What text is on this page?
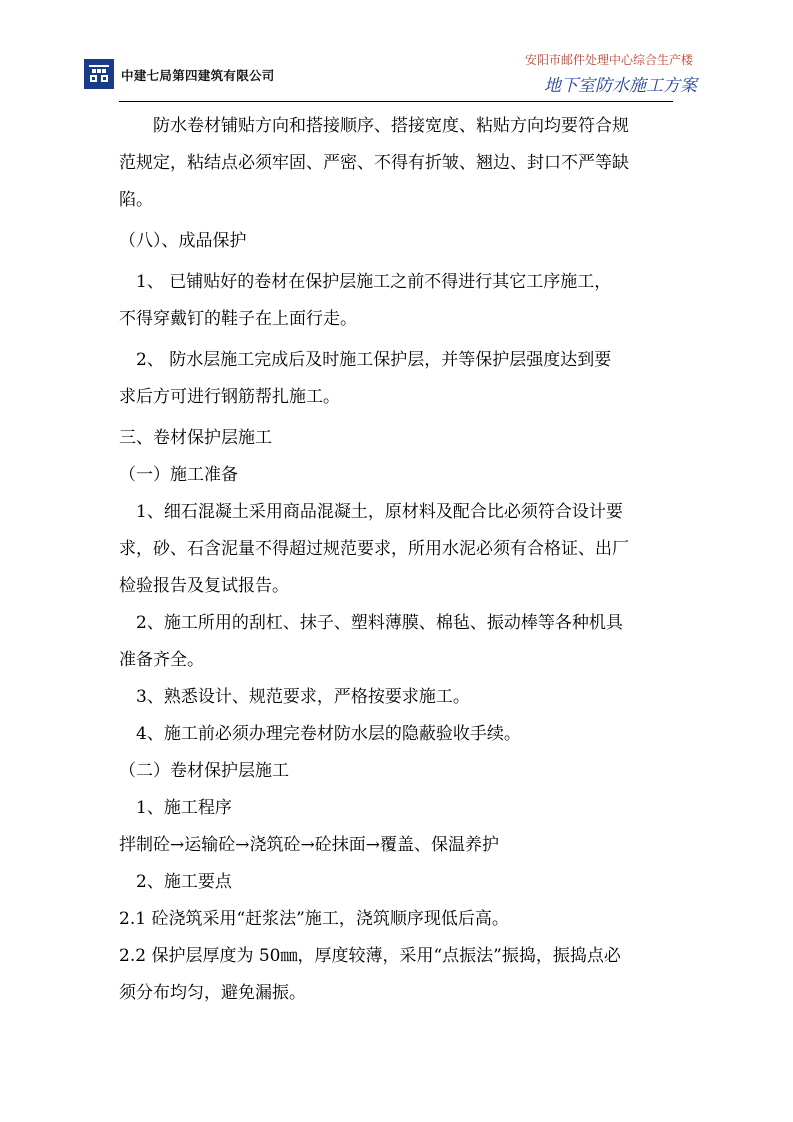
中建七局第四建筑有限公司
安阳市邮件处理中心综合生产楼
地下室防水施工方案

　　防水卷材铺贴方向和搭接顺序、搭接宽度、粘贴方向均要符合规

范规定，粘结点必须牢固、严密、不得有折皱、翘边、封口不严等缺

陷。

（八）、成品保护

　1、 已铺贴好的卷材在保护层施工之前不得进行其它工序施工，

不得穿戴钉的鞋子在上面行走。

　2、 防水层施工完成后及时施工保护层，并等保护层强度达到要

求后方可进行钢筋帮扎施工。

三、卷材保护层施工

（一）施工准备

　1、细石混凝土采用商品混凝土，原材料及配合比必须符合设计要

求，砂、石含泥量不得超过规范要求，所用水泥必须有合格证、出厂

检验报告及复试报告。

　2、施工所用的刮杠、抹子、塑料薄膜、棉毡、振动棒等各种机具

准备齐全。

　3、熟悉设计、规范要求，严格按要求施工。

　4、施工前必须办理完卷材防水层的隐蔽验收手续。

（二）卷材保护层施工

　1、施工程序

拌制砼→运输砼→浇筑砼→砼抹面→覆盖、保温养护

　2、施工要点

2.1 砼浇筑采用“赶浆法”施工，浇筑顺序现低后高。

2.2 保护层厚度为 50㎜，厚度较薄，采用“点振法”振捣，振捣点必

须分布均匀，避免漏振。
